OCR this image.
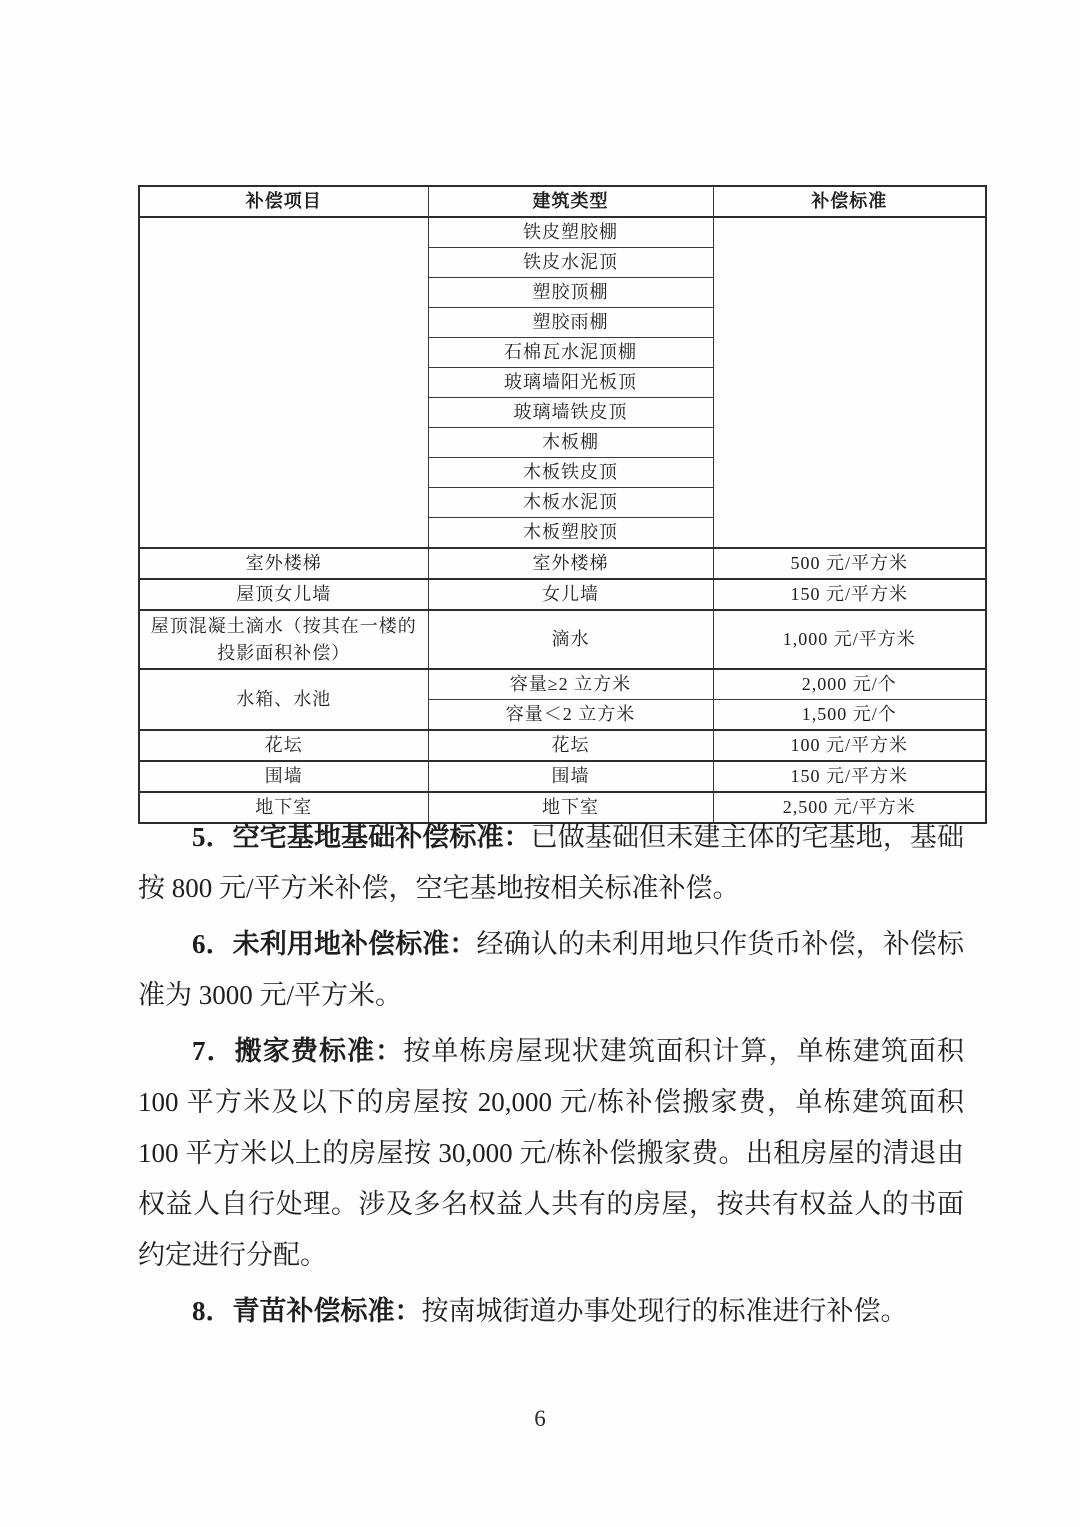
补偿项目	建筑类型	补偿标准
	铁皮塑胶棚	
	铁皮水泥顶	
	塑胶顶棚	
	塑胶雨棚	
	石棉瓦水泥顶棚	
	玻璃墙阳光板顶	
	玻璃墙铁皮顶	
	木板棚	
	木板铁皮顶	
	木板水泥顶	
	木板塑胶顶	
室外楼梯	室外楼梯	500 元/平方米
屋顶女儿墙	女儿墙	150 元/平方米
屋顶混凝土滴水（按其在一楼的投影面积补偿）	滴水	1,000 元/平方米
水箱、水池	容量≥2 立方米	2,000 元/个
	容量＜2 立方米	1,500 元/个
花坛	花坛	100 元/平方米
围墙	围墙	150 元/平方米
地下室	地下室	2,500 元/平方米

5．空宅基地基础补偿标准：已做基础但未建主体的宅基地，基础按 800 元/平方米补偿，空宅基地按相关标准补偿。

6．未利用地补偿标准：经确认的未利用地只作货币补偿，补偿标准为 3000 元/平方米。

7．搬家费标准：按单栋房屋现状建筑面积计算，单栋建筑面积 100 平方米及以下的房屋按 20,000 元/栋补偿搬家费，单栋建筑面积 100 平方米以上的房屋按 30,000 元/栋补偿搬家费。出租房屋的清退由权益人自行处理。涉及多名权益人共有的房屋，按共有权益人的书面约定进行分配。

8．青苗补偿标准：按南城街道办事处现行的标准进行补偿。

6
